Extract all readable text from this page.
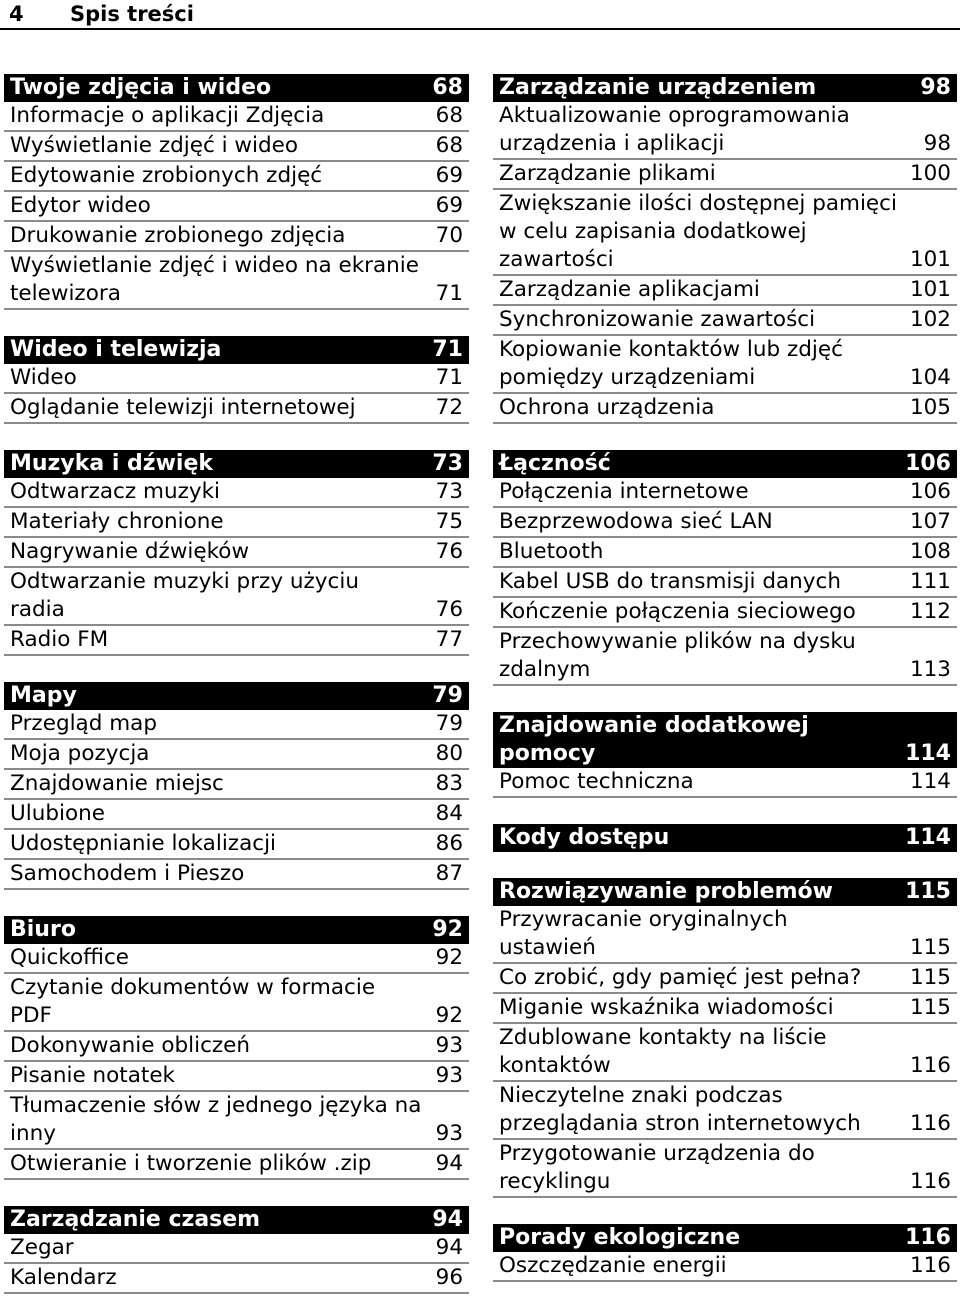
4 Spis treści
Twoje zdjęcia i wideo	68
Informacje o aplikacji Zdjęcia	68
Wyświetlanie zdjęć i wideo	68
Edytowanie zrobionych zdjęć	69
Edytor wideo	69
Drukowanie zrobionego zdjęcia	70
Wyświetlanie zdjęć i wideo na ekranie telewizora	71
Wideo i telewizja	71
Wideo	71
Oglądanie telewizji internetowej	72
Muzyka i dźwięk	73
Odtwarzacz muzyki	73
Materiały chronione	75
Nagrywanie dźwięków	76
Odtwarzanie muzyki przy użyciu radia	76
Radio FM	77
Mapy	79
Przegląd map	79
Moja pozycja	80
Znajdowanie miejsc	83
Ulubione	84
Udostępnianie lokalizacji	86
Samochodem i Pieszo	87
Biuro	92
Quickoffice	92
Czytanie dokumentów w formacie PDF	92
Dokonywanie obliczeń	93
Pisanie notatek	93
Tłumaczenie słów z jednego języka na inny	93
Otwieranie i tworzenie plików .zip	94
Zarządzanie czasem	94
Zegar	94
Kalendarz	96
Zarządzanie urządzeniem	98
Aktualizowanie oprogramowania urządzenia i aplikacji	98
Zarządzanie plikami	100
Zwiększanie ilości dostępnej pamięci w celu zapisania dodatkowej zawartości	101
Zarządzanie aplikacjami	101
Synchronizowanie zawartości	102
Kopiowanie kontaktów lub zdjęć pomiędzy urządzeniami	104
Ochrona urządzenia	105
Łączność	106
Połączenia internetowe	106
Bezprzewodowa sieć LAN	107
Bluetooth	108
Kabel USB do transmisji danych	111
Kończenie połączenia sieciowego	112
Przechowywanie plików na dysku zdalnym	113
Znajdowanie dodatkowej pomocy	114
Pomoc techniczna	114
Kody dostępu	114
Rozwiązywanie problemów	115
Przywracanie oryginalnych ustawień	115
Co zrobić, gdy pamięć jest pełna?	115
Miganie wskaźnika wiadomości	115
Zdublowane kontakty na liście kontaktów	116
Nieczytelne znaki podczas przeglądania stron internetowych	116
Przygotowanie urządzenia do recyklingu	116
Porady ekologiczne	116
Oszczędzanie energii	116
